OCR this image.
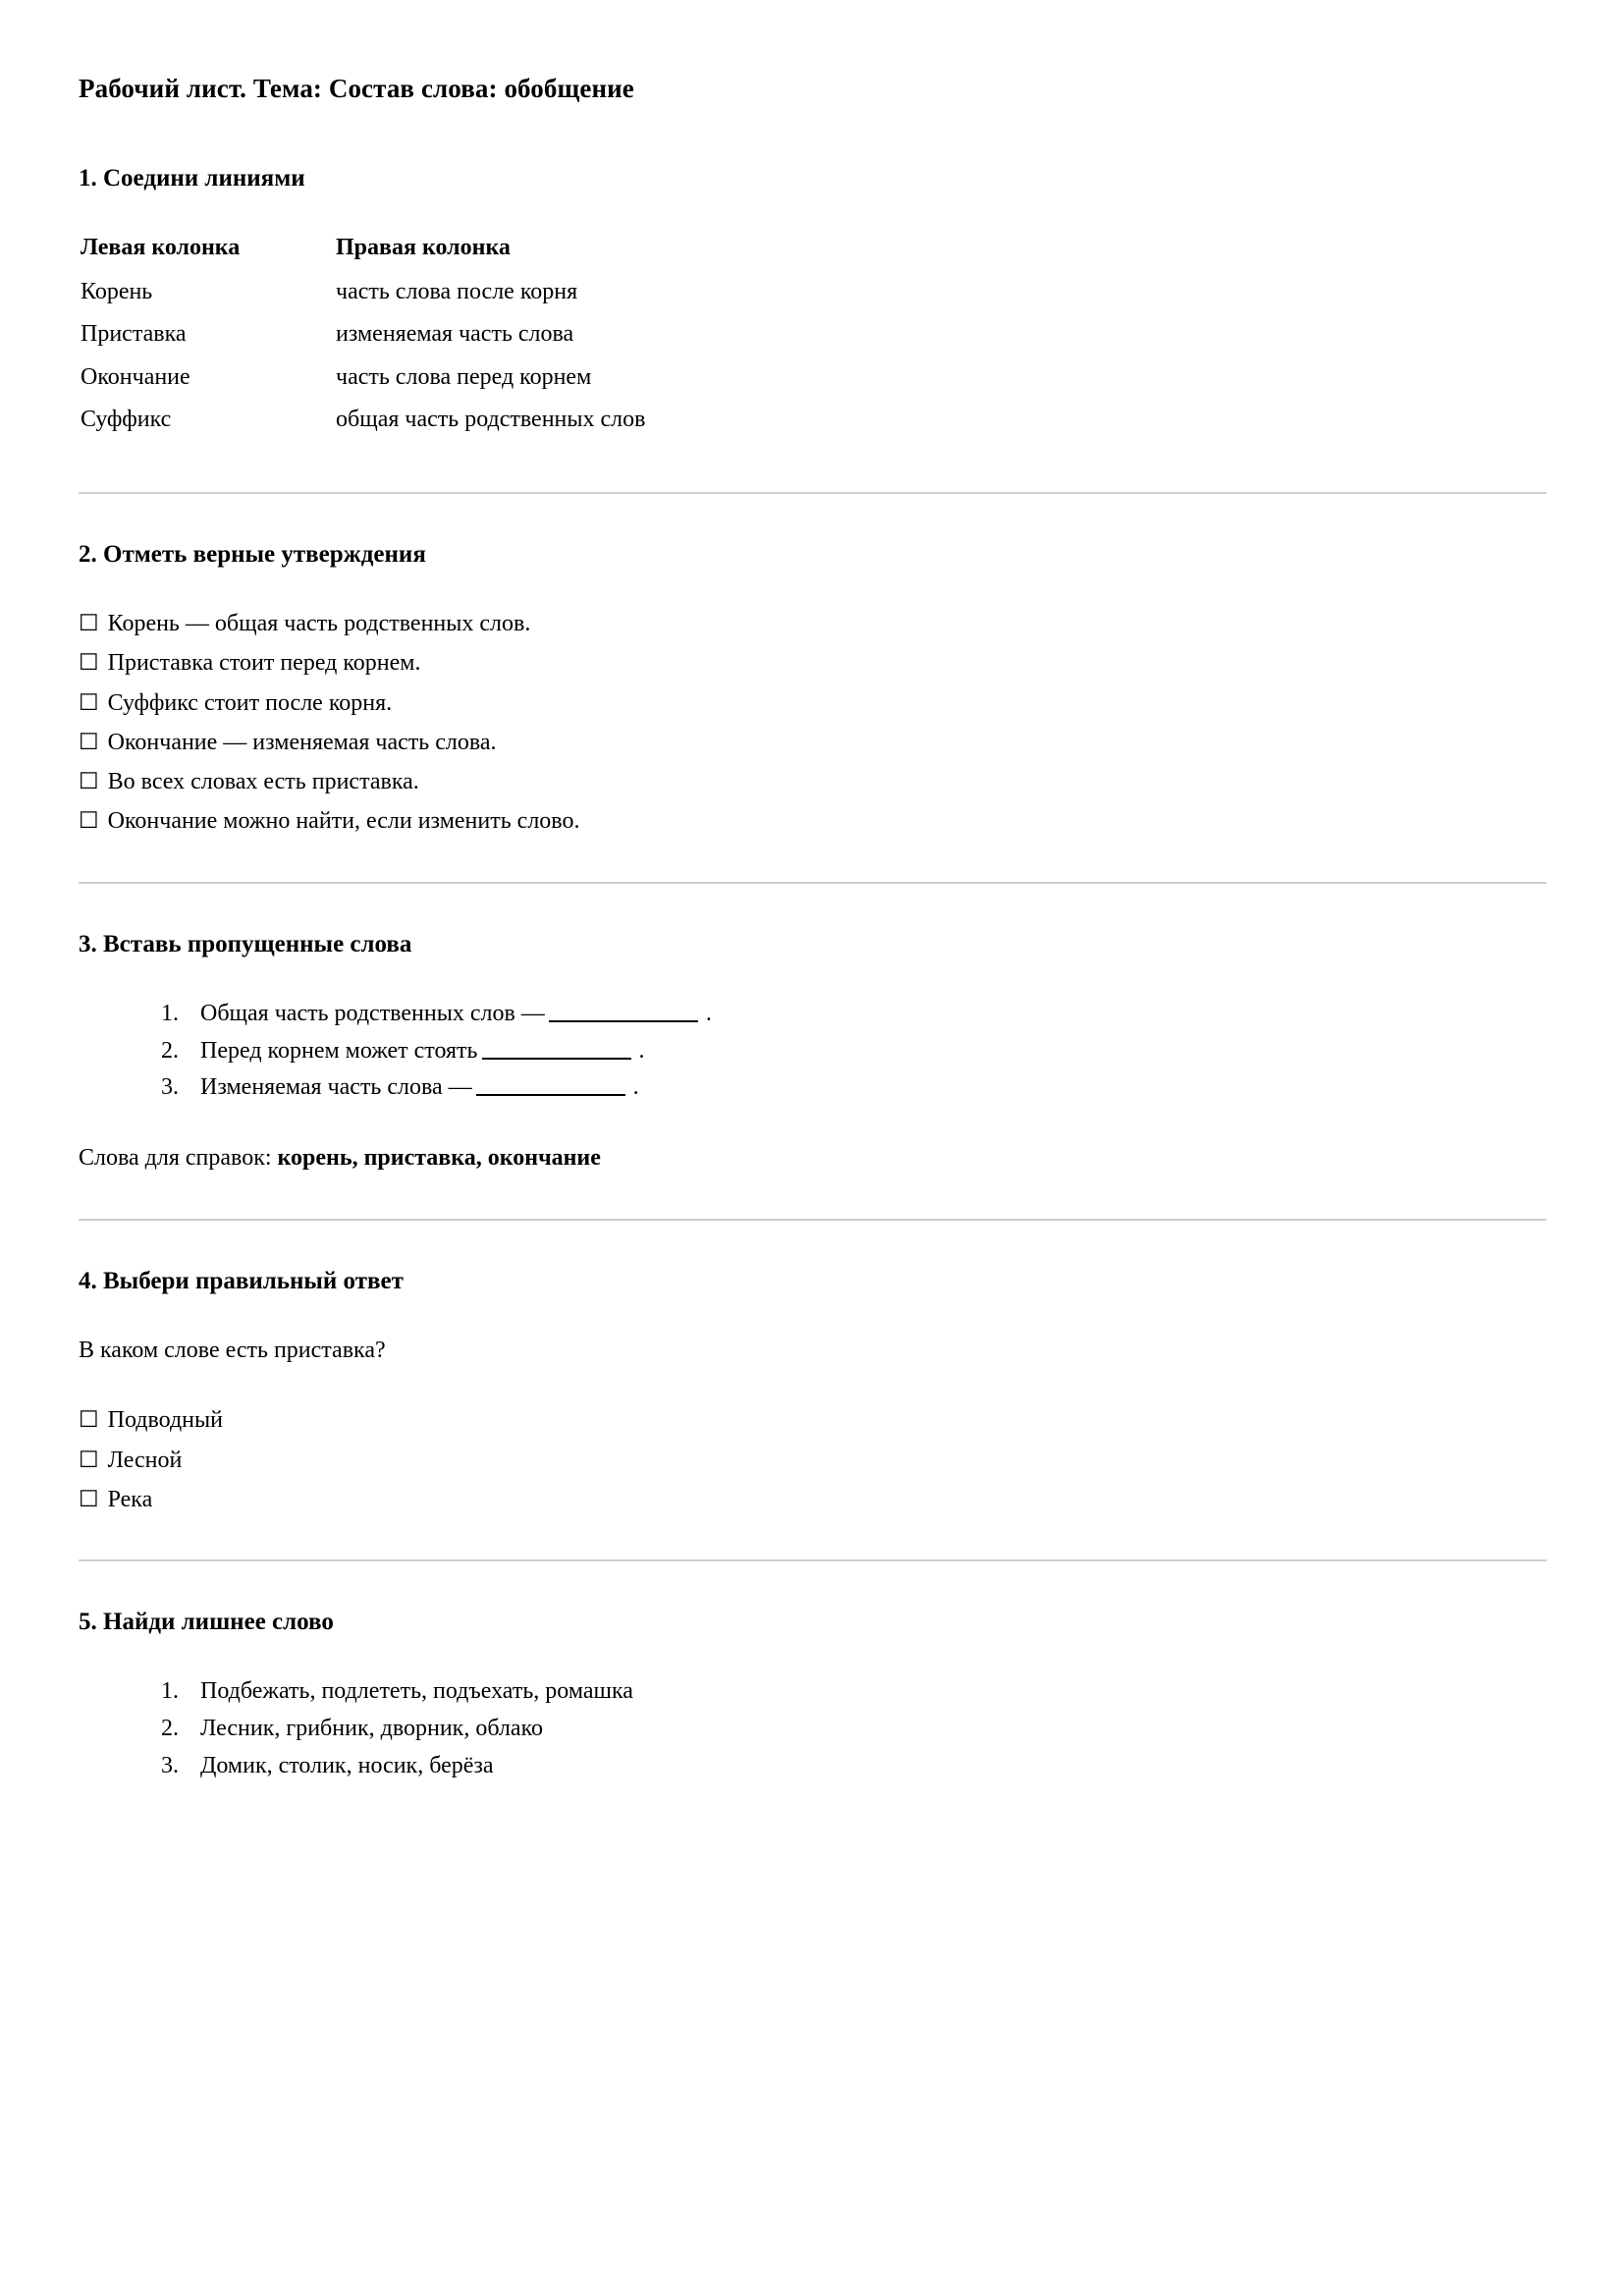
Рабочий лист. Тема: Состав слова: обобщение
1. Соедини линиями
Левая колонка	Правая колонка
Корень	часть слова после корня
Приставка	изменяемая часть слова
Окончание	часть слова перед корнем
Суффикс	общая часть родственных слов
2. Отметь верные утверждения
☐ Корень — общая часть родственных слов.
☐ Приставка стоит перед корнем.
☐ Суффикс стоит после корня.
☐ Окончание — изменяемая часть слова.
☐ Во всех словах есть приставка.
☐ Окончание можно найти, если изменить слово.
3. Вставь пропущенные слова
1. Общая часть родственных слов —	.
2. Перед корнем может стоять	.
3. Изменяемая часть слова —	.

Слова для справок: корень, приставка, окончание

4. Выбери правильный ответ

В каком слове есть приставка?

☐ Подводный
☐ Лесной
☐ Река
5. Найди лишнее слово
1. Подбежать, подлететь, подъехать, ромашка
2. Лесник, грибник, дворник, облако
3. Домик, столик, носик, берёза
